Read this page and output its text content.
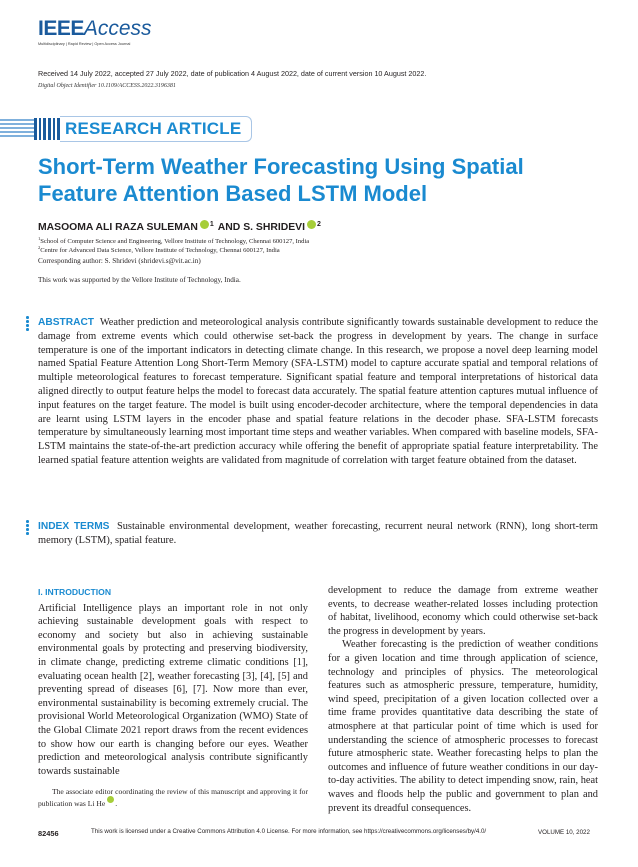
IEEEAccess
Multidisciplinary | Rapid Review | Open Access Journal
Received 14 July 2022, accepted 27 July 2022, date of publication 4 August 2022, date of current version 10 August 2022.
Digital Object Identifier 10.1109/ACCESS.2022.3196381
RESEARCH ARTICLE
Short-Term Weather Forecasting Using Spatial Feature Attention Based LSTM Model
MASOOMA ALI RAZA SULEMAN 1 AND S. SHRIDEVI 2
$^1$School of Computer Science and Engineering, Vellore Institute of Technology, Chennai 600127, India
$^2$Centre for Advanced Data Science, Vellore Institute of Technology, Chennai 600127, India
Corresponding author: S. Shridevi (shridevi.s@vit.ac.in)
This work was supported by the Vellore Institute of Technology, India.

ABSTRACT Weather prediction and meteorological analysis contribute significantly towards sustainable development to reduce the damage from extreme events which could otherwise set-back the progress in development by years. The change in surface temperature is one of the important indicators in detecting climate change. In this research, we propose a novel deep learning model named Spatial Feature Attention Long Short-Term Memory (SFA-LSTM) model to capture accurate spatial and temporal relations of multiple meteorological features to forecast temperature. Significant spatial feature and temporal interpretations of historical data aligned directly to output feature helps the model to forecast data accurately. The spatial feature attention captures mutual influence of input features on the target feature. The model is built using encoder-decoder architecture, where the temporal dependencies in data are learnt using LSTM layers in the encoder phase and spatial feature relations in the decoder phase. SFA-LSTM forecasts temperature by simultaneously learning most important time steps and weather variables. When compared with baseline models, SFA-LSTM maintains the state-of-the-art prediction accuracy while offering the benefit of appropriate spatial feature interpretability. The learned spatial feature attention weights are validated from magnitude of correlation with target feature obtained from the dataset.

INDEX TERMS Sustainable environmental development, weather forecasting, recurrent neural network (RNN), long short-term memory (LSTM), spatial feature.

I. INTRODUCTION

Artificial Intelligence plays an important role in not only achieving sustainable development goals with respect to economy and society but also in achieving sustainable environmental goals by protecting and preserving biodiversity, in climate change, predicting extreme climatic conditions [1], evaluating ocean health [2], weather forecasting [3], [4], [5] and preventing spread of diseases [6], [7]. Now more than ever, environmental sustainability is becoming extremely crucial. The provisional World Meteorological Organization (WMO) State of the Global Climate 2021 report draws from the recent evidences to show how our earth is changing before our eyes. Weather prediction and meteorological analysis contribute significantly towards sustainable

The associate editor coordinating the review of this manuscript and approving it for publication was Li He .

development to reduce the damage from extreme weather events, to decrease weather-related losses including protection of habitat, livelihood, economy which could otherwise set-back the progress in development by years.

Weather forecasting is the prediction of weather conditions for a given location and time through application of science, technology and principles of physics. The meteorological features such as atmospheric pressure, temperature, humidity, wind speed, precipitation of a given location collected over a time frame provides quantitative data describing the state of atmosphere at that particular point of time which is used for understanding the science of atmospheric processes to forecast future atmospheric state. Weather forecasting helps to plan the outcomes and influence of future weather conditions in our day-to-day activities. The ability to detect impending snow, rain, heat waves and floods help the public and government to plan and prevent its dreadful consequences.

82456	This work is licensed under a Creative Commons Attribution 4.0 License. For more information, see https://creativecommons.org/licenses/by/4.0/	VOLUME 10, 2022
